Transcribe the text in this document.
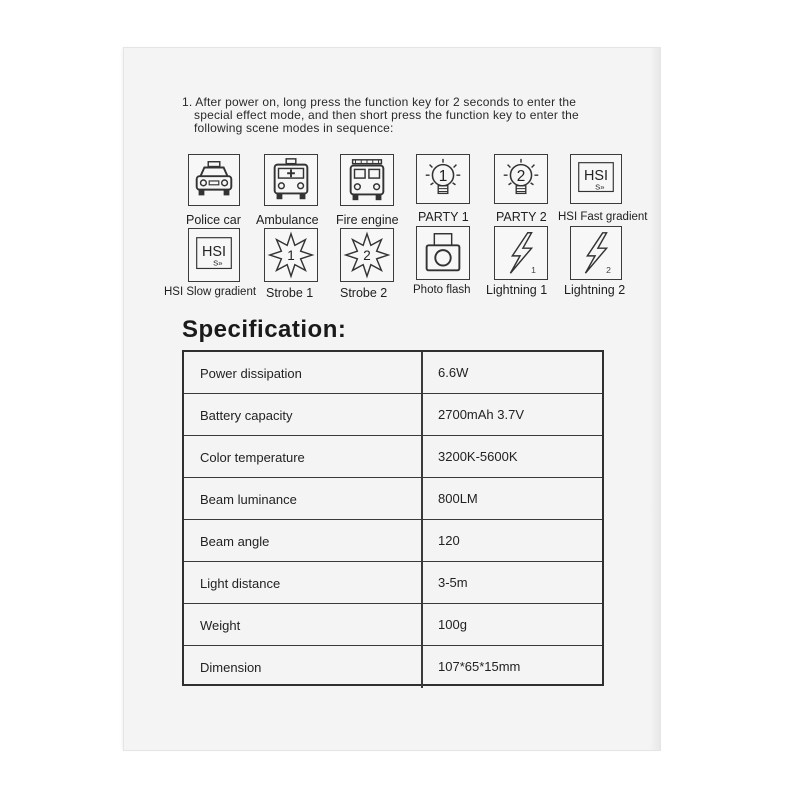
1. After power on, long press the function key for 2 seconds to enter the
special effect mode, and then short press the function key to enter the
following scene modes in sequence:
Police car Ambulance Fire engine
1
PARTY 1
2
PARTY 2
HSI
S»
HSI Fast gradient
HSI
S»
HSI Slow gradient
1
Strobe 1
2
Strobe 2 Photo flash
1
Lightning 1
2
Lightning 2
Specification:
Power dissipation	6.6W
Battery capacity	2700mAh 3.7V
Color temperature	3200K-5600K
Beam luminance	800LM
Beam angle	120
Light distance	3-5m
Weight	100g
Dimension	107*65*15mm
